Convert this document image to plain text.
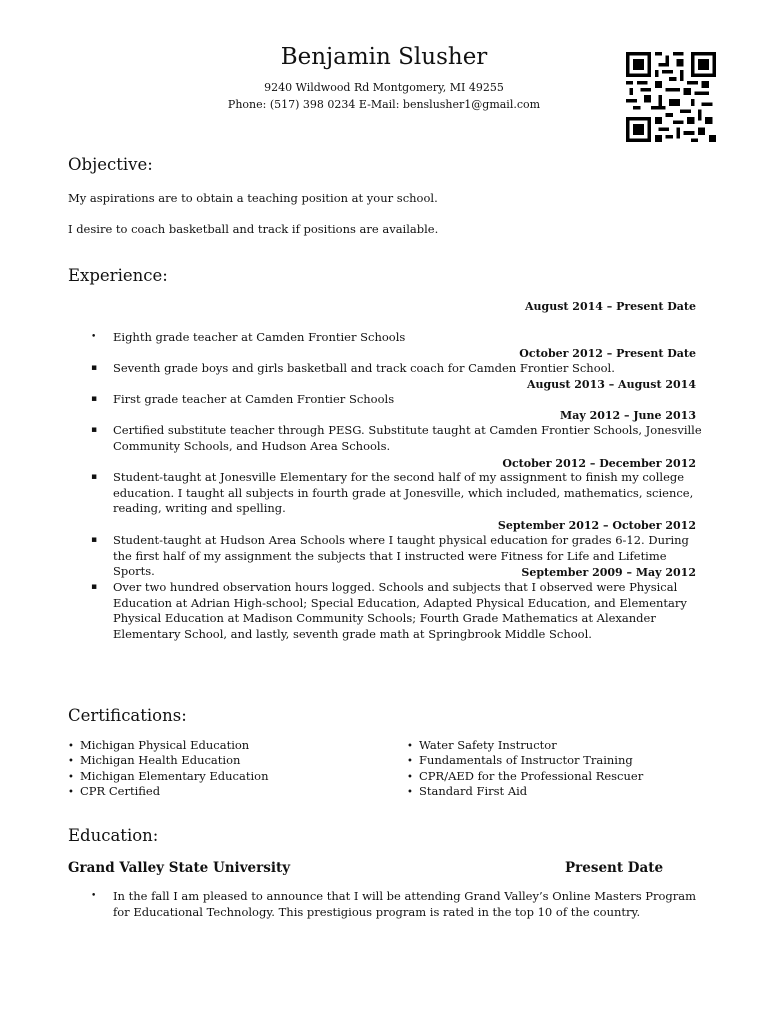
Benjamin Slusher
9240 Wildwood Rd Montgomery, MI 49255
Phone: (517) 398 0234 E-Mail: benslusher1@gmail.com
Objective:
My aspirations are to obtain a teaching position at your school.
I desire to coach basketball and track if positions are available.
Experience:
August 2014 – Present Date
• Eighth grade teacher at Camden Frontier Schools
October 2012 – Present Date
▪ Seventh grade boys and girls basketball and track coach for Camden Frontier School.
August 2013 – August 2014
▪ First grade teacher at Camden Frontier Schools
May 2012 – June 2013
▪ Certified substitute teacher through PESG. Substitute taught at Camden Frontier Schools, Jonesville Community Schools, and Hudson Area Schools.
October 2012 – December 2012
▪ Student-taught at Jonesville Elementary for the second half of my assignment to finish my college education. I taught all subjects in fourth grade at Jonesville, which included, mathematics, science, reading, writing and spelling.
September 2012 – October 2012
▪ Student-taught at Hudson Area Schools where I taught physical education for grades 6-12. During the first half of my assignment the subjects that I instructed were Fitness for Life and Lifetime Sports.	September 2009 – May 2012
▪ Over two hundred observation hours logged. Schools and subjects that I observed were Physical Education at Adrian High-school; Special Education, Adapted Physical Education, and Elementary Physical Education at Madison Community Schools; Fourth Grade Mathematics at Alexander Elementary School, and lastly, seventh grade math at Springbrook Middle School.
Certifications:
• Michigan Physical Education
• Michigan Health Education
• Michigan Elementary Education
• CPR Certified
• Water Safety Instructor
• Fundamentals of Instructor Training
• CPR/AED for the Professional Rescuer
• Standard First Aid
Education:
Grand Valley State University	Present Date
• In the fall I am pleased to announce that I will be attending Grand Valley’s Online Masters Program for Educational Technology. This prestigious program is rated in the top 10 of the country.
